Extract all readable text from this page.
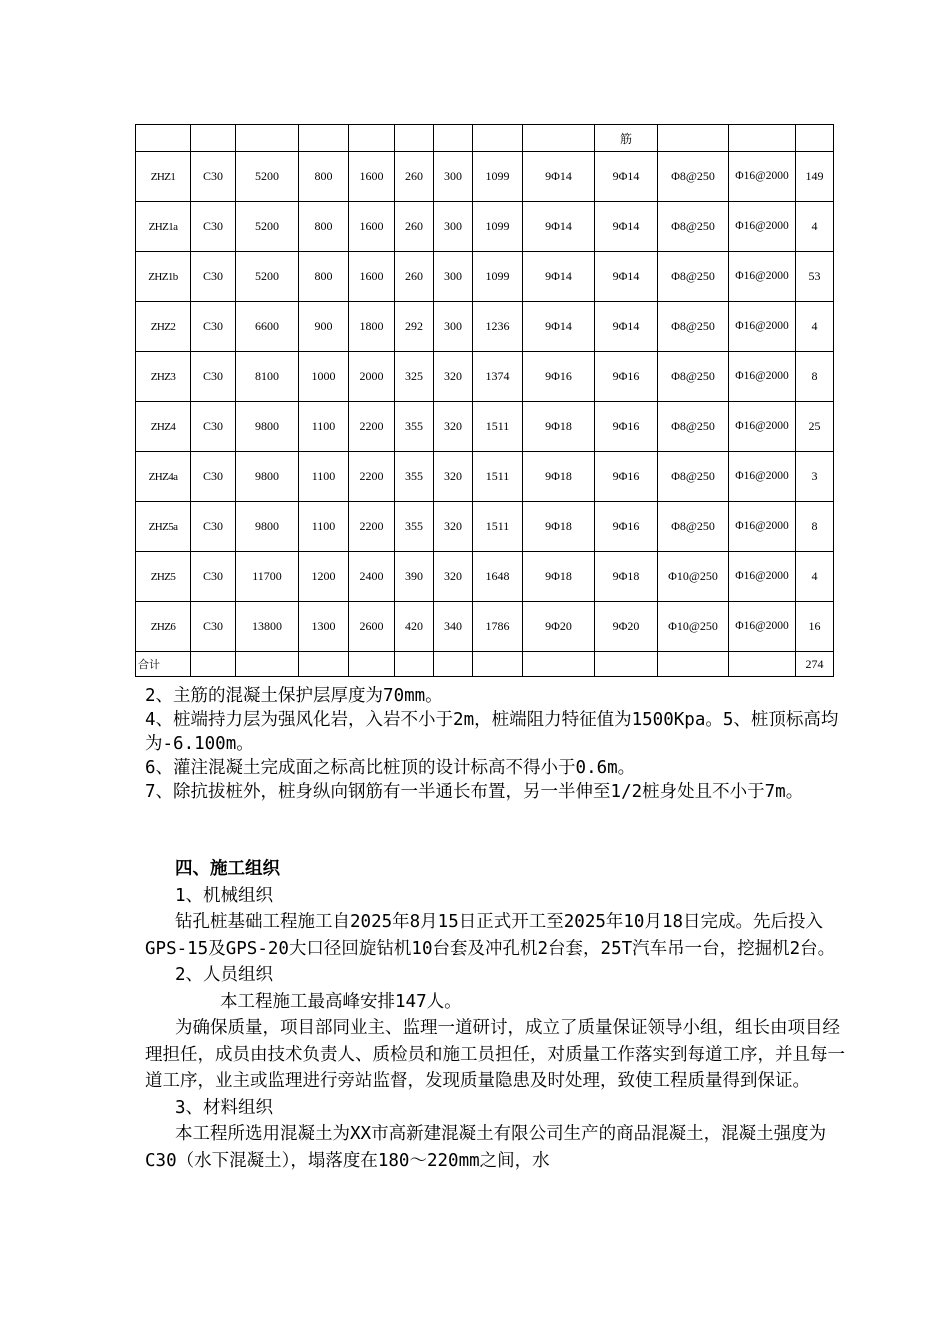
									筋			
ZHZ1	C30	5200	800	1600	260	300	1099	9Φ14	9Φ14	Φ8@250	Φ16@2000	149
ZHZ1a	C30	5200	800	1600	260	300	1099	9Φ14	9Φ14	Φ8@250	Φ16@2000	4
ZHZ1b	C30	5200	800	1600	260	300	1099	9Φ14	9Φ14	Φ8@250	Φ16@2000	53
ZHZ2	C30	6600	900	1800	292	300	1236	9Φ14	9Φ14	Φ8@250	Φ16@2000	4
ZHZ3	C30	8100	1000	2000	325	320	1374	9Φ16	9Φ16	Φ8@250	Φ16@2000	8
ZHZ4	C30	9800	1100	2200	355	320	1511	9Φ18	9Φ16	Φ8@250	Φ16@2000	25
ZHZ4a	C30	9800	1100	2200	355	320	1511	9Φ18	9Φ16	Φ8@250	Φ16@2000	3
ZHZ5a	C30	9800	1100	2200	355	320	1511	9Φ18	9Φ16	Φ8@250	Φ16@2000	8
ZHZ5	C30	11700	1200	2400	390	320	1648	9Φ18	9Φ18	Φ10@250	Φ16@2000	4
ZHZ6	C30	13800	1300	2600	420	340	1786	9Φ20	9Φ20	Φ10@250	Φ16@2000	16
合计												274

2、主筋的混凝土保护层厚度为70mm。

4、桩端持力层为强风化岩，入岩不小于2m，桩端阻力特征值为1500Kpa。5、桩顶标高均为-6.100m。

6、灌注混凝土完成面之标高比桩顶的设计标高不得小于0.6m。

7、除抗拔桩外，桩身纵向钢筋有一半通长布置，另一半伸至1/2桩身处且不小于7m。

四、施工组织

1、机械组织

钻孔桩基础工程施工自2025年8月15日正式开工至2025年10月18日完成。先后投入GPS-15及GPS-20大口径回旋钻机10台套及冲孔机2台套，25T汽车吊一台，挖掘机2台。

2、人员组织

本工程施工最高峰安排147人。

为确保质量，项目部同业主、监理一道研讨，成立了质量保证领导小组，组长由项目经理担任，成员由技术负责人、质检员和施工员担任，对质量工作落实到每道工序，并且每一道工序，业主或监理进行旁站监督，发现质量隐患及时处理，致使工程质量得到保证。

3、材料组织

本工程所选用混凝土为XX市高新建混凝土有限公司生产的商品混凝土，混凝土强度为C30（水下混凝土），塌落度在180～220mm之间，水
